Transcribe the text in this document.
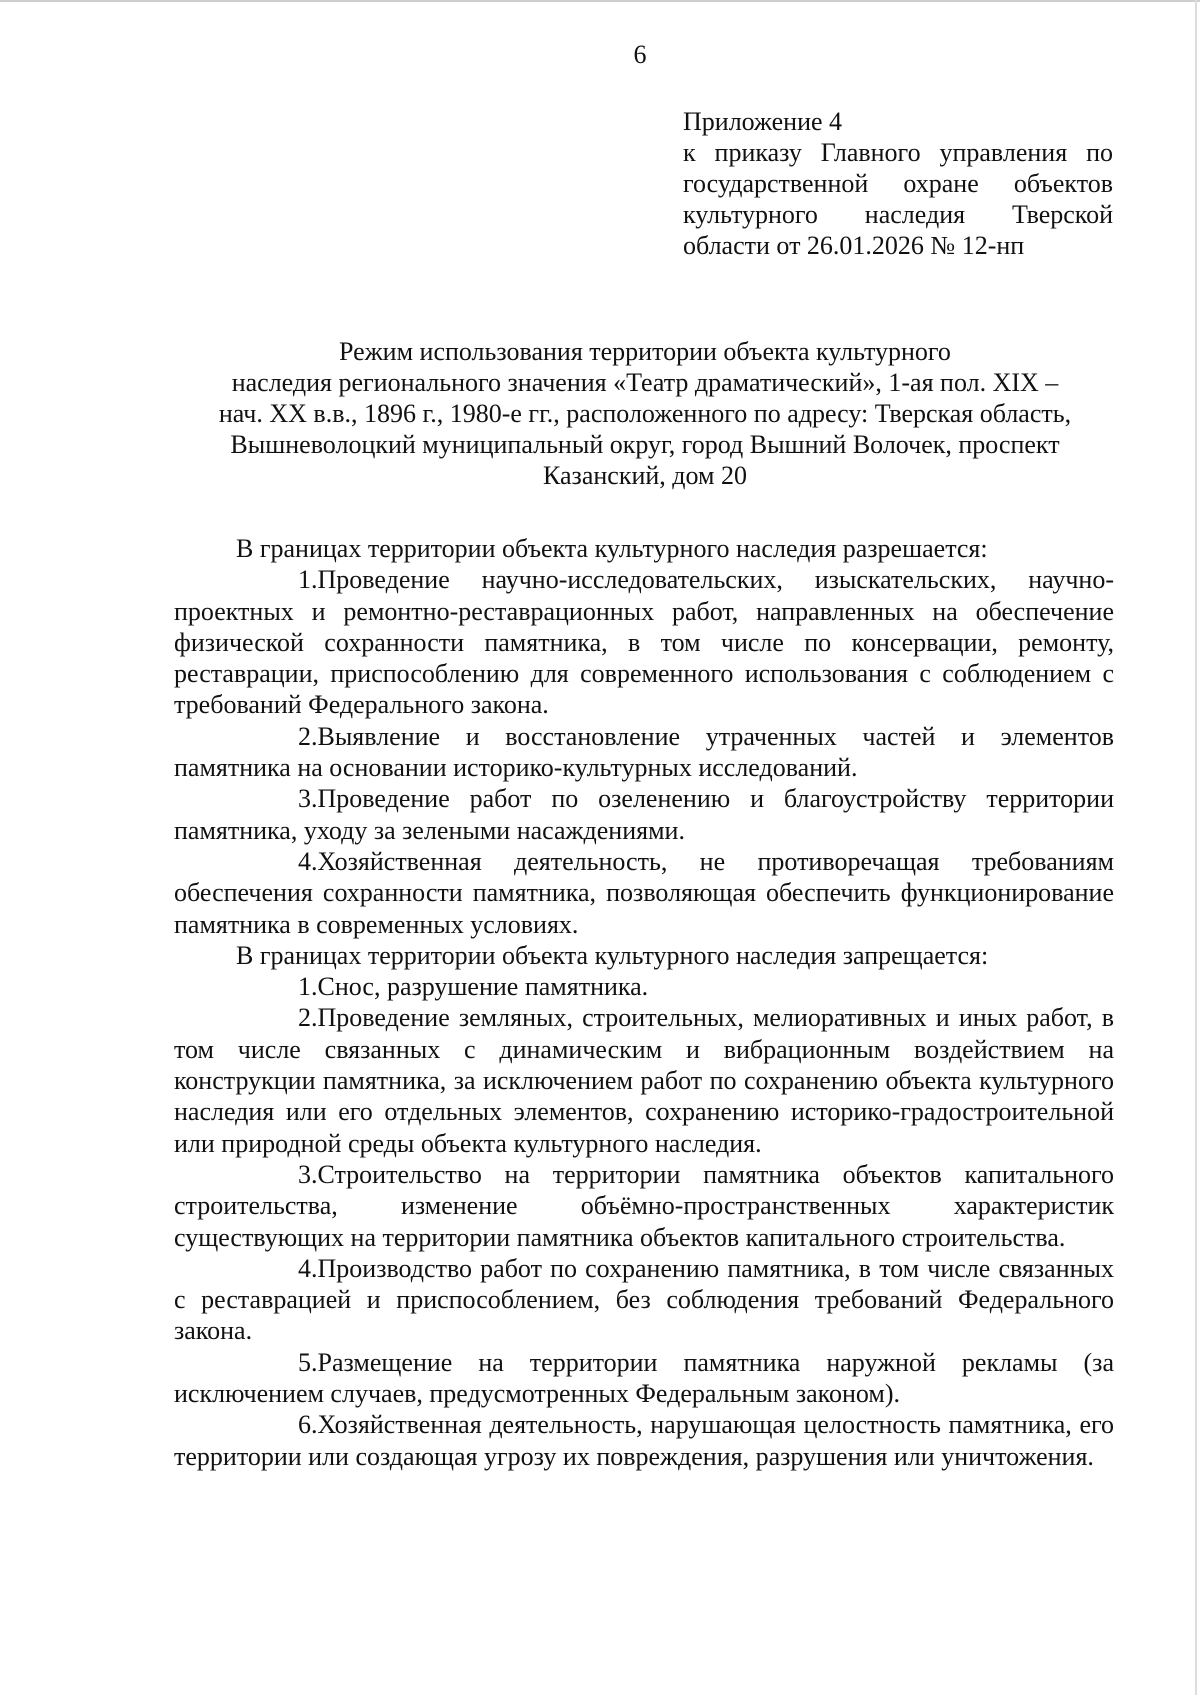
6
Приложение 4
к приказу Главного управления по
государственной охране объектов
культурного наследия Тверской
области от 26.01.2026 № 12-нп
Режим использования территории объекта культурного
наследия регионального значения «Театр драматический», 1-ая пол. XIX –
нач. XX в.в., 1896 г., 1980-е гг., расположенного по адресу: Тверская область,
Вышневолоцкий муниципальный округ, город Вышний Волочек, проспект
Казанский, дом 20

В границах территории объекта культурного наследия разрешается:

1.Проведение научно-исследовательских, изыскательских, научно-проектных и ремонтно-реставрационных работ, направленных на обеспечение физической сохранности памятника, в том числе по консервации, ремонту, реставрации, приспособлению для современного использования с соблюдением с требований Федерального закона.

2.Выявление и восстановление утраченных частей и элементов памятника на основании историко-культурных исследований.

3.Проведение работ по озеленению и благоустройству территории памятника, уходу за зелеными насаждениями.

4.Хозяйственная деятельность, не противоречащая требованиям обеспечения сохранности памятника, позволяющая обеспечить функционирование памятника в современных условиях.

В границах территории объекта культурного наследия запрещается:

1.Снос, разрушение памятника.

2.Проведение земляных, строительных, мелиоративных и иных работ, в том числе связанных с динамическим и вибрационным воздействием на конструкции памятника, за исключением работ по сохранению объекта культурного наследия или его отдельных элементов, сохранению историко-градостроительной или природной среды объекта культурного наследия.

3.Строительство на территории памятника объектов капитального строительства, изменение объёмно-пространственных характеристик существующих на территории памятника объектов капитального строительства.

4.Производство работ по сохранению памятника, в том числе связанных с реставрацией и приспособлением, без соблюдения требований Федерального закона.

5.Размещение на территории памятника наружной рекламы (за исключением случаев, предусмотренных Федеральным законом).

6.Хозяйственная деятельность, нарушающая целостность памятника, его территории или создающая угрозу их повреждения, разрушения или уничтожения.
